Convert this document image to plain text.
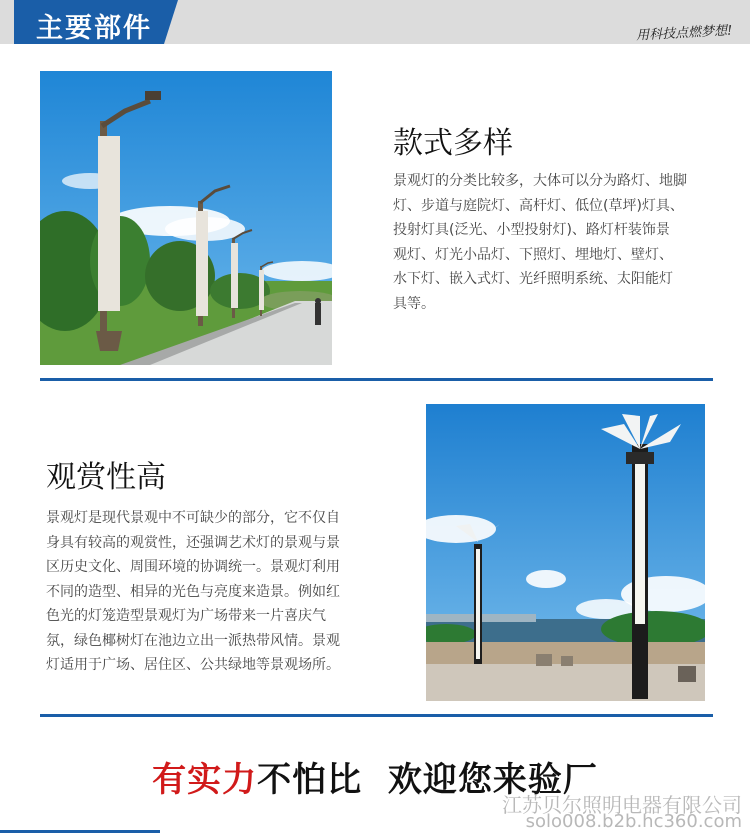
主要部件	用科技点燃梦想!
款式多样
景观灯的分类比较多，大体可以分为路灯、地脚
灯、步道与庭院灯、高杆灯、低位(草坪)灯具、
投射灯具(泛光、小型投射灯)、路灯杆装饰景
观灯、灯光小品灯、下照灯、埋地灯、壁灯、
水下灯、嵌入式灯、光纤照明系统、太阳能灯
具等。
观赏性高
景观灯是现代景观中不可缺少的部分，它不仅自
身具有较高的观赏性，还强调艺术灯的景观与景
区历史文化、周围环境的协调统一。景观灯利用
不同的造型、相异的光色与亮度来造景。例如红
色光的灯笼造型景观灯为广场带来一片喜庆气
氛，绿色椰树灯在池边立出一派热带风情。景观
灯适用于广场、居住区、公共绿地等景观场所。
有实力不怕比  欢迎您来验厂
江苏贝尔照明电器有限公司
solo008.b2b.hc360.com
